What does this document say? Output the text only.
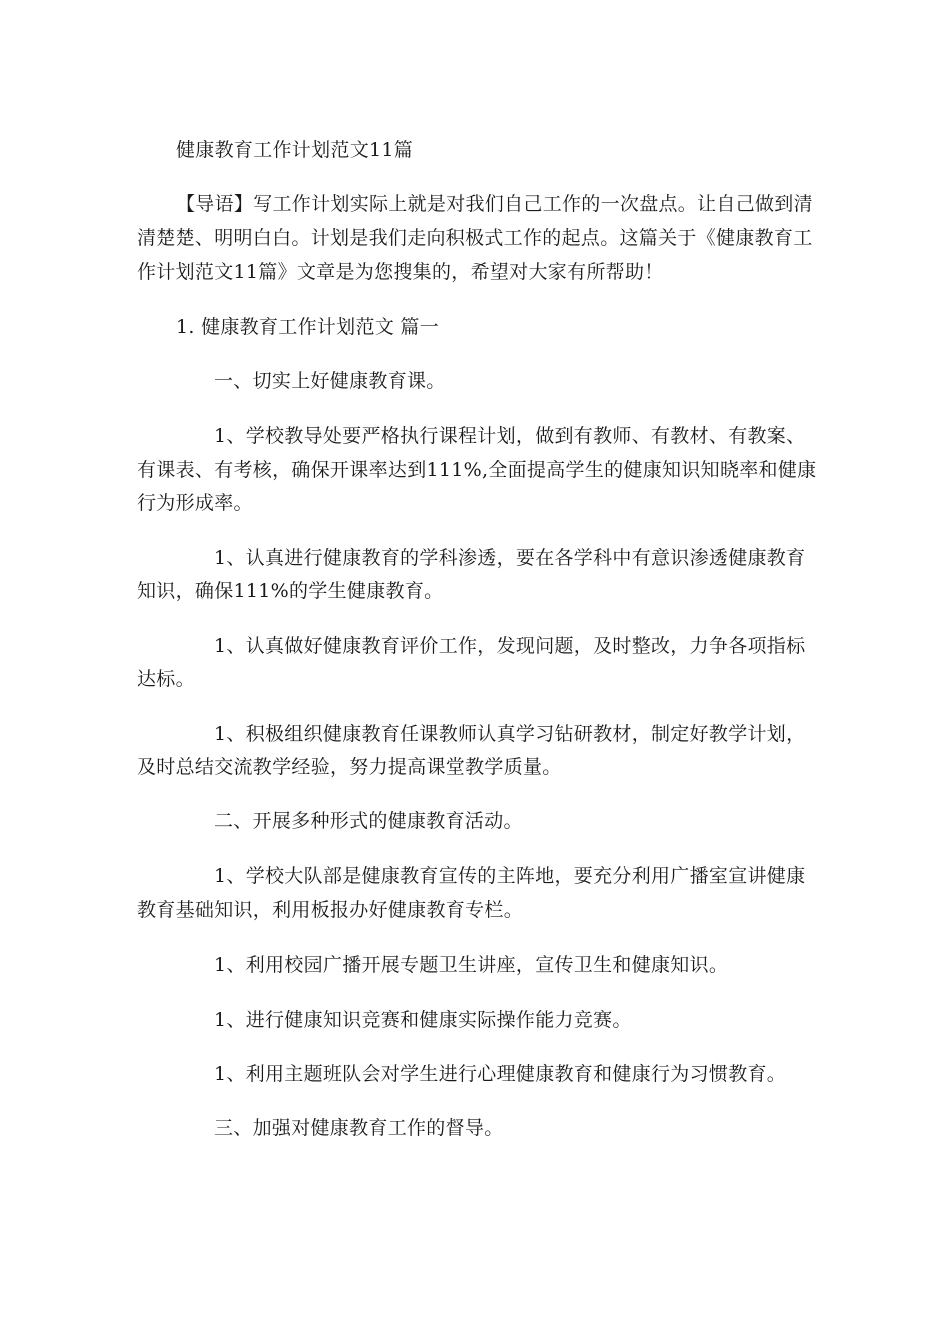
健康教育工作计划范文11篇
【导语】写工作计划实际上就是对我们自己工作的一次盘点。让自己做到清
清楚楚、明明白白。计划是我们走向积极式工作的起点。这篇关于《健康教育工
作计划范文11篇》文章是为您搜集的，希望对大家有所帮助！
1. 健康教育工作计划范文 篇一
一、切实上好健康教育课。
1、学校教导处要严格执行课程计划，做到有教师、有教材、有教案、
有课表、有考核，确保开课率达到111%,全面提高学生的健康知识知晓率和健康
行为形成率。
1、认真进行健康教育的学科渗透，要在各学科中有意识渗透健康教育
知识，确保111%的学生健康教育。
1、认真做好健康教育评价工作，发现问题，及时整改，力争各项指标
达标。
1、积极组织健康教育任课教师认真学习钻研教材，制定好教学计划，
及时总结交流教学经验，努力提高课堂教学质量。
二、开展多种形式的健康教育活动。
1、学校大队部是健康教育宣传的主阵地，要充分利用广播室宣讲健康
教育基础知识，利用板报办好健康教育专栏。
1、利用校园广播开展专题卫生讲座，宣传卫生和健康知识。
1、进行健康知识竞赛和健康实际操作能力竞赛。
1、利用主题班队会对学生进行心理健康教育和健康行为习惯教育。
三、加强对健康教育工作的督导。
